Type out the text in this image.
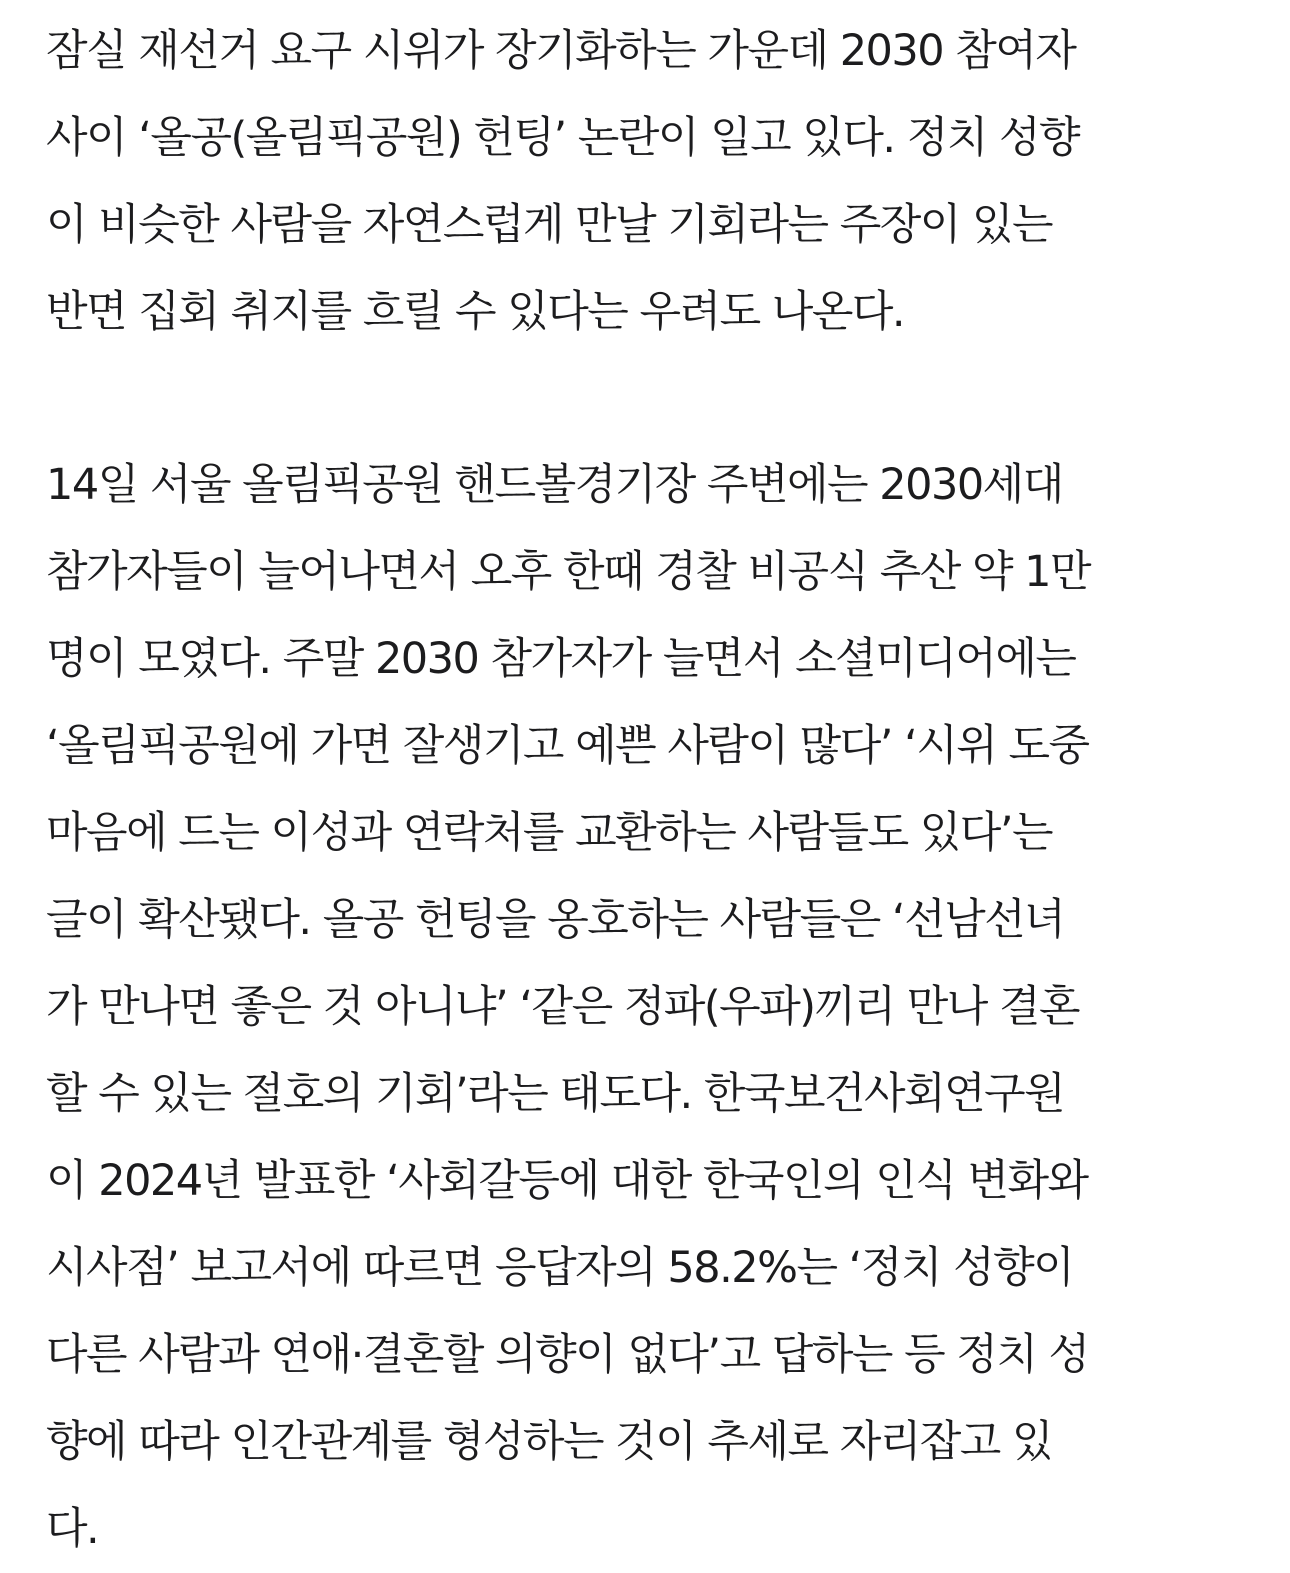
잠실 재선거 요구 시위가 장기화하는 가운데 2030 참여자
사이 ‘올공(올림픽공원) 헌팅’ 논란이 일고 있다. 정치 성향
이 비슷한 사람을 자연스럽게 만날 기회라는 주장이 있는
반면 집회 취지를 흐릴 수 있다는 우려도 나온다.

14일 서울 올림픽공원 핸드볼경기장 주변에는 2030세대
참가자들이 늘어나면서 오후 한때 경찰 비공식 추산 약 1만
명이 모였다. 주말 2030 참가자가 늘면서 소셜미디어에는
‘올림픽공원에 가면 잘생기고 예쁜 사람이 많다’ ‘시위 도중
마음에 드는 이성과 연락처를 교환하는 사람들도 있다’는
글이 확산됐다. 올공 헌팅을 옹호하는 사람들은 ‘선남선녀
가 만나면 좋은 것 아니냐’ ‘같은 정파(우파)끼리 만나 결혼
할 수 있는 절호의 기회’라는 태도다. 한국보건사회연구원
이 2024년 발표한 ‘사회갈등에 대한 한국인의 인식 변화와
시사점’ 보고서에 따르면 응답자의 58.2%는 ‘정치 성향이
다른 사람과 연애·결혼할 의향이 없다’고 답하는 등 정치 성
향에 따라 인간관계를 형성하는 것이 추세로 자리잡고 있
다.
